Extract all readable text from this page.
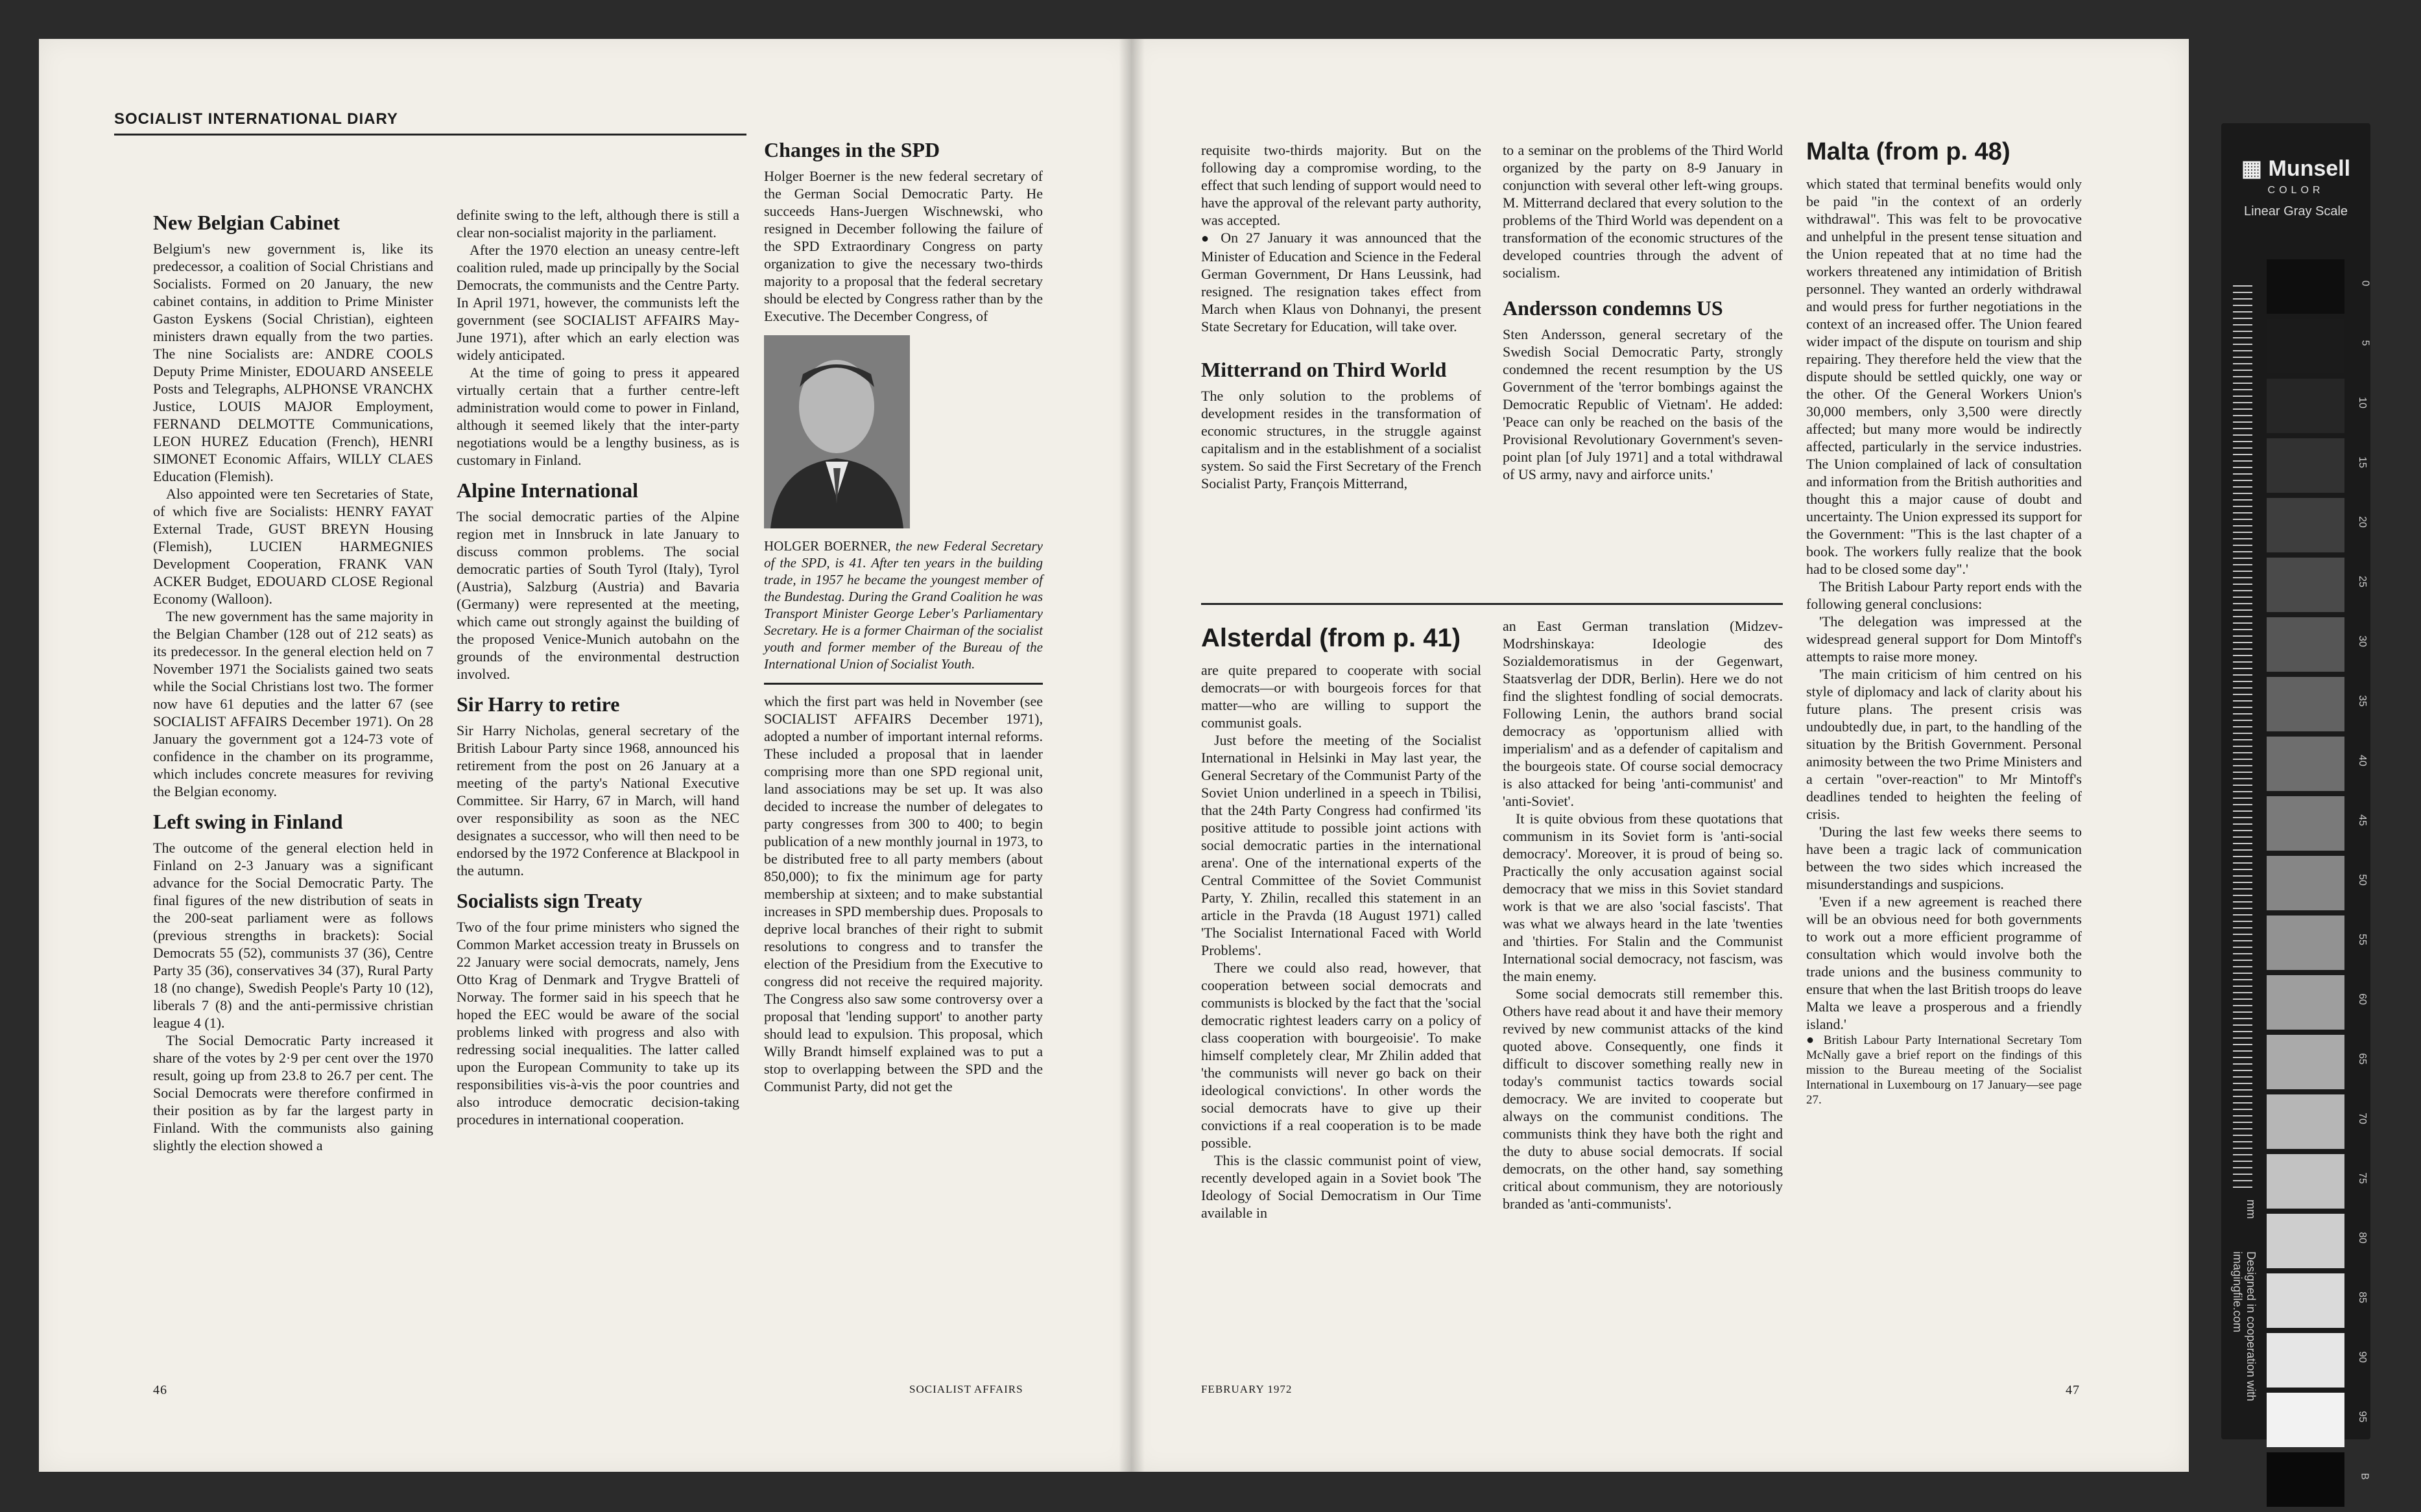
SOCIALIST INTERNATIONAL DIARY
New Belgian Cabinet

Belgium's new government is, like its predecessor, a coalition of Social Christians and Socialists. Formed on 20 January, the new cabinet contains, in addition to Prime Minister Gaston Eyskens (Social Christian), eighteen ministers drawn equally from the two parties. The nine Socialists are: ANDRE COOLS Deputy Prime Minister, EDOUARD ANSEELE Posts and Telegraphs, ALPHONSE VRANCHX Justice, LOUIS MAJOR Employment, FERNAND DELMOTTE Communications, LEON HUREZ Education (French), HENRI SIMONET Economic Affairs, WILLY CLAES Education (Flemish).

Also appointed were ten Secretaries of State, of which five are Socialists: HENRY FAYAT External Trade, GUST BREYN Housing (Flemish), LUCIEN HARMEGNIES Development Cooperation, FRANK VAN ACKER Budget, EDOUARD CLOSE Regional Economy (Walloon).

The new government has the same majority in the Belgian Chamber (128 out of 212 seats) as its predecessor. In the general election held on 7 November 1971 the Socialists gained two seats while the Social Christians lost two. The former now have 61 deputies and the latter 67 (see SOCIALIST AFFAIRS December 1971). On 28 January the government got a 124-73 vote of confidence in the chamber on its programme, which includes concrete measures for reviving the Belgian economy.

Left swing in Finland

The outcome of the general election held in Finland on 2-3 January was a significant advance for the Social Democratic Party. The final figures of the new distribution of seats in the 200-seat parliament were as follows (previous strengths in brackets): Social Democrats 55 (52), communists 37 (36), Centre Party 35 (36), conservatives 34 (37), Rural Party 18 (no change), Swedish People's Party 10 (12), liberals 7 (8) and the anti-permissive christian league 4 (1).

The Social Democratic Party increased it share of the votes by 2·9 per cent over the 1970 result, going up from 23.8 to 26.7 per cent. The Social Democrats were therefore confirmed in their position as by far the largest party in Finland. With the communists also gaining slightly the election showed a

definite swing to the left, although there is still a clear non-socialist majority in the parliament.

After the 1970 election an uneasy centre-left coalition ruled, made up principally by the Social Democrats, the communists and the Centre Party. In April 1971, however, the communists left the government (see SOCIALIST AFFAIRS May-June 1971), after which an early election was widely anticipated.

At the time of going to press it appeared virtually certain that a further centre-left administration would come to power in Finland, although it seemed likely that the inter-party negotiations would be a lengthy business, as is customary in Finland.

Alpine International

The social democratic parties of the Alpine region met in Innsbruck in late January to discuss common problems. The social democratic parties of South Tyrol (Italy), Tyrol (Austria), Salzburg (Austria) and Bavaria (Germany) were represented at the meeting, which came out strongly against the building of the proposed Venice-Munich autobahn on the grounds of the environmental destruction involved.

Sir Harry to retire

Sir Harry Nicholas, general secretary of the British Labour Party since 1968, announced his retirement from the post on 26 January at a meeting of the party's National Executive Committee. Sir Harry, 67 in March, will hand over responsibility as soon as the NEC designates a successor, who will then need to be endorsed by the 1972 Conference at Blackpool in the autumn.

Socialists sign Treaty

Two of the four prime ministers who signed the Common Market accession treaty in Brussels on 22 January were social democrats, namely, Jens Otto Krag of Denmark and Trygve Bratteli of Norway. The former said in his speech that he hoped the EEC would be aware of the social problems linked with progress and also with redressing social inequalities. The latter called upon the European Community to take up its responsibilities vis-à-vis the poor countries and also introduce democratic decision-taking procedures in international cooperation.

Changes in the SPD

Holger Boerner is the new federal secretary of the German Social Democratic Party. He succeeds Hans-Juergen Wischnewski, who resigned in December following the failure of the SPD Extraordinary Congress on party organization to give the necessary two-thirds majority to a proposal that the federal secretary should be elected by Congress rather than by the Executive. The December Congress, of

HOLGER BOERNER, the new Federal Secretary of the SPD, is 41. After ten years in the building trade, in 1957 he became the youngest member of the Bundestag. During the Grand Coalition he was Transport Minister George Leber's Parliamentary Secretary. He is a former Chairman of the socialist youth and former member of the Bureau of the International Union of Socialist Youth.

which the first part was held in November (see SOCIALIST AFFAIRS December 1971), adopted a number of important internal reforms. These included a proposal that in laender comprising more than one SPD regional unit, land associations may be set up. It was also decided to increase the number of delegates to party congresses from 300 to 400; to begin publication of a new monthly journal in 1973, to be distributed free to all party members (about 850,000); to fix the minimum age for party membership at sixteen; and to make substantial increases in SPD membership dues. Proposals to deprive local branches of their right to submit resolutions to congress and to transfer the election of the Presidium from the Executive to congress did not receive the required majority. The Congress also saw some controversy over a proposal that 'lending support' to another party should lead to expulsion. This proposal, which Willy Brandt himself explained was to put a stop to overlapping between the SPD and the Communist Party, did not get the

46	SOCIALIST AFFAIRS

requisite two-thirds majority. But on the following day a compromise wording, to the effect that such lending of support would need to have the approval of the relevant party authority, was accepted.

● On 27 January it was announced that the Minister of Education and Science in the Federal German Government, Dr Hans Leussink, had resigned. The resignation takes effect from March when Klaus von Dohnanyi, the present State Secretary for Education, will take over.

Mitterrand on Third World

The only solution to the problems of development resides in the transformation of economic structures, in the struggle against capitalism and in the establishment of a socialist system. So said the First Secretary of the French Socialist Party, François Mitterrand,

to a seminar on the problems of the Third World organized by the party on 8-9 January in conjunction with several other left-wing groups. M. Mitterrand declared that every solution to the problems of the Third World was dependent on a transformation of the economic structures of the developed countries through the advent of socialism.

Andersson condemns US

Sten Andersson, general secretary of the Swedish Social Democratic Party, strongly condemned the recent resumption by the US Government of the 'terror bombings against the Democratic Republic of Vietnam'. He added: 'Peace can only be reached on the basis of the Provisional Revolutionary Government's seven-point plan [of July 1971] and a total withdrawal of US army, navy and airforce units.'

Alsterdal (from p. 41)

are quite prepared to cooperate with social democrats—or with bourgeois forces for that matter—who are willing to support the communist goals.

Just before the meeting of the Socialist International in Helsinki in May last year, the General Secretary of the Communist Party of the Soviet Union underlined in a speech in Tbilisi, that the 24th Party Congress had confirmed 'its positive attitude to possible joint actions with social democratic parties in the international arena'. One of the international experts of the Central Committee of the Soviet Communist Party, Y. Zhilin, recalled this statement in an article in the Pravda (18 August 1971) called 'The Socialist International Faced with World Problems'.

There we could also read, however, that cooperation between social democrats and communists is blocked by the fact that the 'social democratic rightest leaders carry on a policy of class cooperation with bourgeoisie'. To make himself completely clear, Mr Zhilin added that 'the communists will never go back on their ideological convictions'. In other words the social democrats have to give up their convictions if a real cooperation is to be made possible.

This is the classic communist point of view, recently developed again in a Soviet book 'The Ideology of Social Democratism in Our Time available in

an East German translation (Midzev-Modrshinskaya: Ideologie des Sozialdemoratismus in der Gegenwart, Staatsverlag der DDR, Berlin). Here we do not find the slightest fondling of social democrats. Following Lenin, the authors brand social democracy as 'opportunism allied with imperialism' and as a defender of capitalism and the bourgeois state. Of course social democracy is also attacked for being 'anti-communist' and 'anti-Soviet'.

It is quite obvious from these quotations that communism in its Soviet form is 'anti-social democracy'. Moreover, it is proud of being so. Practically the only accusation against social democracy that we miss in this Soviet standard work is that we are also 'social fascists'. That was what we always heard in the late 'twenties and 'thirties. For Stalin and the Communist International social democracy, not fascism, was the main enemy.

Some social democrats still remember this. Others have read about it and have their memory revived by new communist attacks of the kind quoted above. Consequently, one finds it difficult to discover something really new in today's communist tactics towards social democracy. We are invited to cooperate but always on the communist conditions. The communists think they have both the right and the duty to abuse social democrats. If social democrats, on the other hand, say something critical about communism, they are notoriously branded as 'anti-communists'.

Malta (from p. 48)

which stated that terminal benefits would only be paid "in the context of an orderly withdrawal". This was felt to be provocative and unhelpful in the present tense situation and the Union repeated that at no time had the workers threatened any intimidation of British personnel. They wanted an orderly withdrawal and would press for further negotiations in the context of an increased offer. The Union feared wider impact of the dispute on tourism and ship repairing. They therefore held the view that the dispute should be settled quickly, one way or the other. Of the General Workers Union's 30,000 members, only 3,500 were directly affected; but many more would be indirectly affected, particularly in the service industries. The Union complained of lack of consultation and information from the British authorities and thought this a major cause of doubt and uncertainty. The Union expressed its support for the Government: "This is the last chapter of a book. The workers fully realize that the book had to be closed some day".'

The British Labour Party report ends with the following general conclusions:

'The delegation was impressed at the widespread general support for Dom Mintoff's attempts to raise more money.

'The main criticism of him centred on his style of diplomacy and lack of clarity about his future plans. The present crisis was undoubtedly due, in part, to the handling of the situation by the British Government. Personal animosity between the two Prime Ministers and a certain "over-reaction" to Mr Mintoff's deadlines tended to heighten the feeling of crisis.

'During the last few weeks there seems to have been a tragic lack of communication between the two sides which increased the misunderstandings and suspicions.

'Even if a new agreement is reached there will be an obvious need for both governments to work out a more efficient programme of consultation which would involve both the trade unions and the business community to ensure that when the last British troops do leave Malta we leave a prosperous and a friendly island.'

● British Labour Party International Secretary Tom McNally gave a brief report on the findings of this mission to the Bureau meeting of the Socialist International in Luxembourg on 17 January—see page 27.

FEBRUARY 1972	47
▦ Munsell
COLOR
Linear Gray Scale
0
5
10
15
20
25
30
35
40
45
50
55
60
65
70
75
80
85
90
95
B
mm
Designed in cooperation with imagingfile.com
